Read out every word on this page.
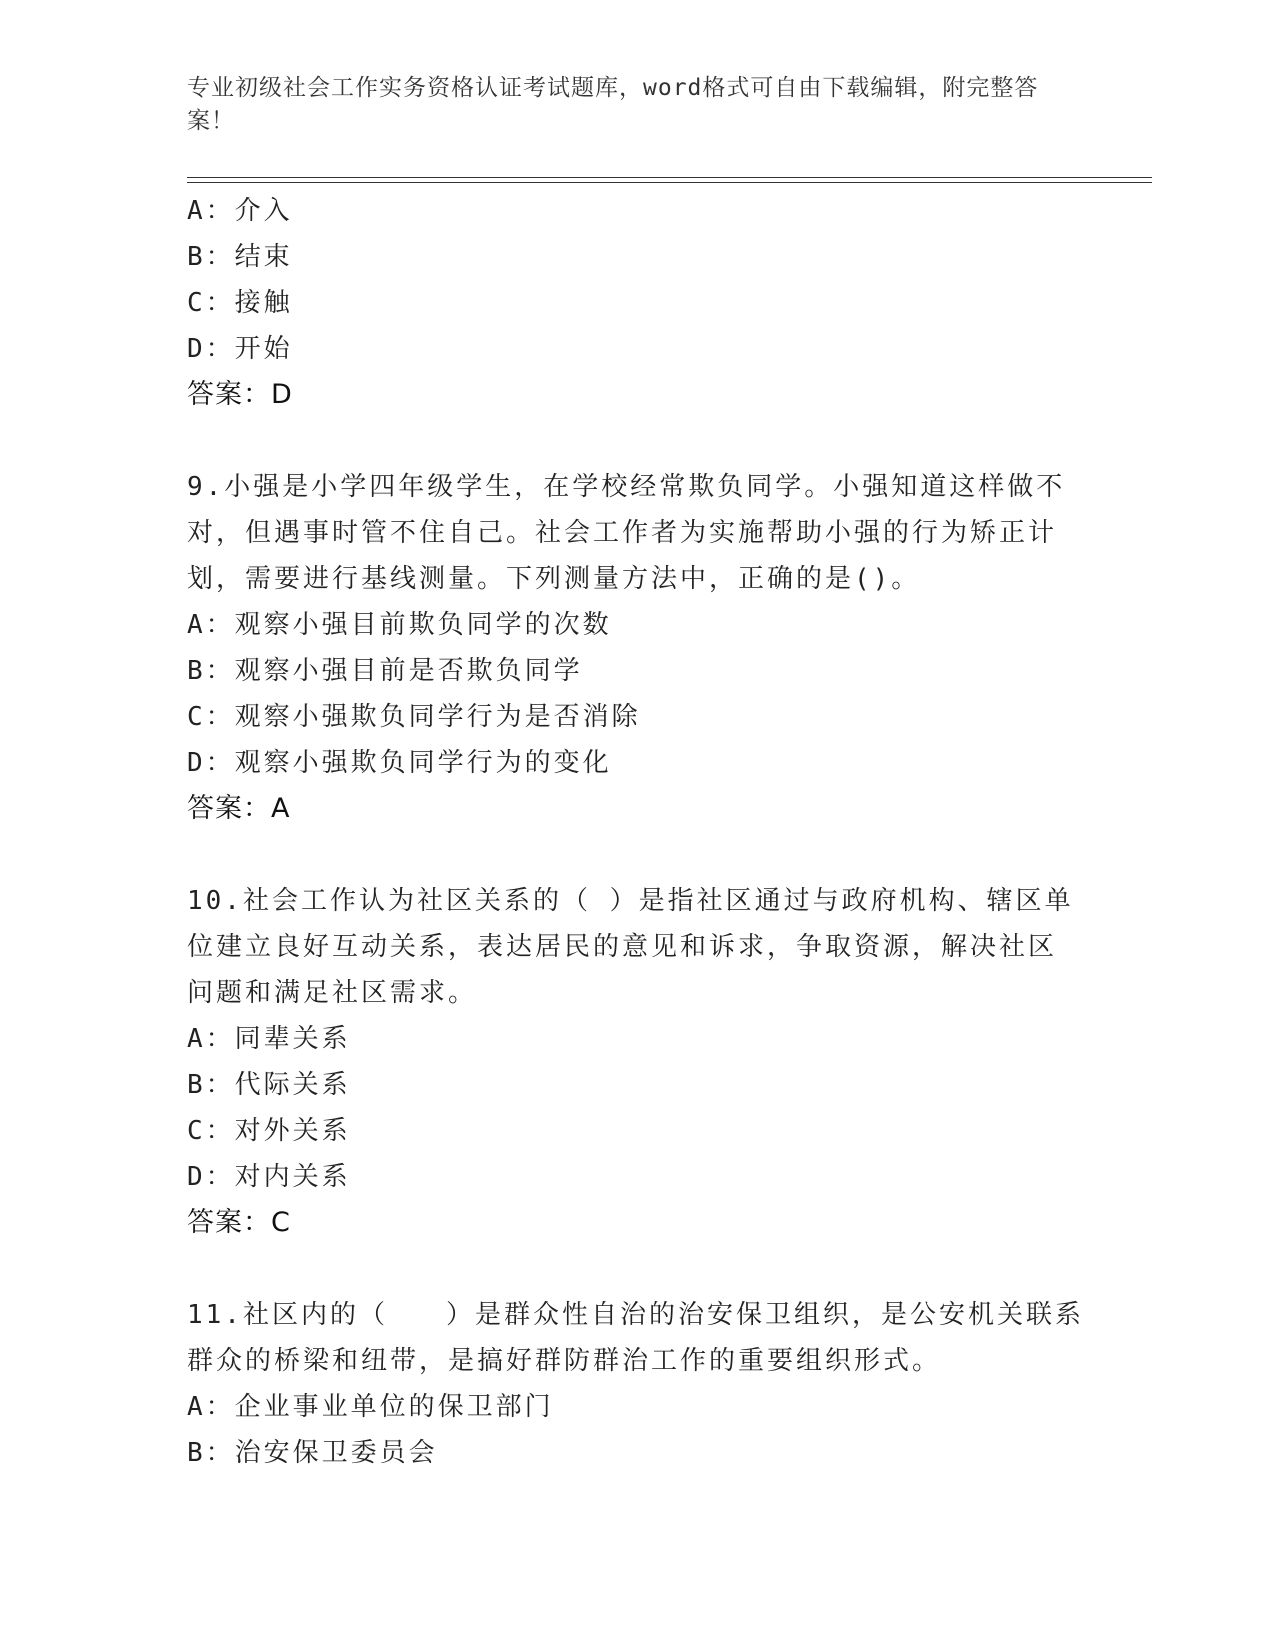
专业初级社会工作实务资格认证考试题库，word格式可自由下载编辑，附完整答
案！
A：介入
B：结束
C：接触
D：开始
答案：D
9.小强是小学四年级学生，在学校经常欺负同学。小强知道这样做不
对，但遇事时管不住自己。社会工作者为实施帮助小强的行为矫正计
划，需要进行基线测量。下列测量方法中，正确的是()。
A：观察小强目前欺负同学的次数
B：观察小强目前是否欺负同学
C：观察小强欺负同学行为是否消除
D：观察小强欺负同学行为的变化
答案：A
10.社会工作认为社区关系的（ ）是指社区通过与政府机构、辖区单
位建立良好互动关系，表达居民的意见和诉求，争取资源，解决社区
问题和满足社区需求。
A：同辈关系
B：代际关系
C：对外关系
D：对内关系
答案：C
11.社区内的（　　）是群众性自治的治安保卫组织，是公安机关联系
群众的桥梁和纽带，是搞好群防群治工作的重要组织形式。
A：企业事业单位的保卫部门
B：治安保卫委员会
